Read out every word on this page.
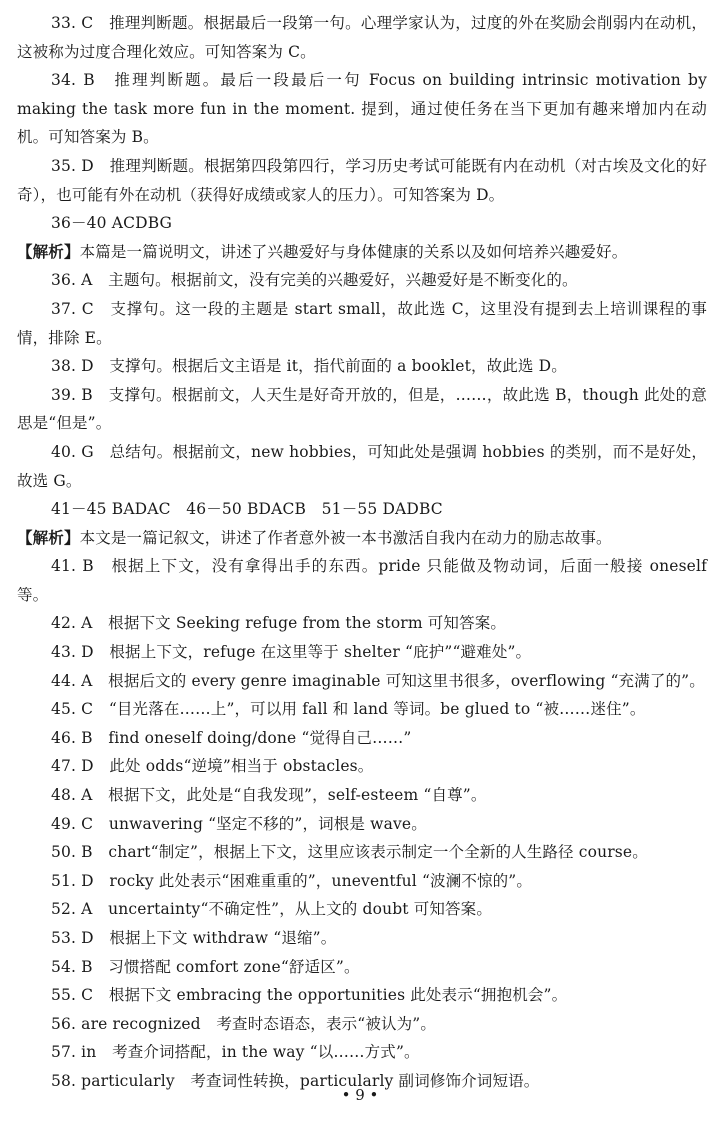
33. C　推理判断题。根据最后一段第一句。心理学家认为，过度的外在奖励会削弱内在动机，这被称为过度合理化效应。可知答案为 C。
34. B　推理判断题。最后一段最后一句 Focus on building intrinsic motivation by making the task more fun in the moment. 提到，通过使任务在当下更加有趣来增加内在动机。可知答案为 B。
35. D　推理判断题。根据第四段第四行，学习历史考试可能既有内在动机（对古埃及文化的好奇），也可能有外在动机（获得好成绩或家人的压力）。可知答案为 D。
36－40 ACDBG
【解析】本篇是一篇说明文，讲述了兴趣爱好与身体健康的关系以及如何培养兴趣爱好。
36. A　主题句。根据前文，没有完美的兴趣爱好，兴趣爱好是不断变化的。
37. C　支撑句。这一段的主题是 start small，故此选 C，这里没有提到去上培训课程的事情，排除 E。
38. D　支撑句。根据后文主语是 it，指代前面的 a booklet，故此选 D。
39. B　支撑句。根据前文，人天生是好奇开放的，但是，……，故此选 B，though 此处的意思是“但是”。
40. G　总结句。根据前文，new hobbies，可知此处是强调 hobbies 的类别，而不是好处，故选 G。
41－45 BADAC　46－50 BDACB　51－55 DADBC
【解析】本文是一篇记叙文，讲述了作者意外被一本书激活自我内在动力的励志故事。
41. B　根据上下文，没有拿得出手的东西。pride 只能做及物动词，后面一般接 oneself 等。
42. A　根据下文 Seeking refuge from the storm 可知答案。
43. D　根据上下文，refuge 在这里等于 shelter “庇护”“避难处”。
44. A　根据后文的 every genre imaginable 可知这里书很多，overflowing “充满了的”。
45. C　“目光落在……上”，可以用 fall 和 land 等词。be glued to “被……迷住”。
46. B　find oneself doing/done “觉得自己……”
47. D　此处 odds“逆境”相当于 obstacles。
48. A　根据下文，此处是“自我发现”，self-esteem “自尊”。
49. C　unwavering “坚定不移的”，词根是 wave。
50. B　chart“制定”，根据上下文，这里应该表示制定一个全新的人生路径 course。
51. D　rocky 此处表示“困难重重的”，uneventful “波澜不惊的”。
52. A　uncertainty“不确定性”，从上文的 doubt 可知答案。
53. D　根据上下文 withdraw “退缩”。
54. B　习惯搭配 comfort zone“舒适区”。
55. C　根据下文 embracing the opportunities 此处表示“拥抱机会”。
56. are recognized　考查时态语态，表示“被认为”。
57. in　考查介词搭配，in the way “以……方式”。
58. particularly　考查词性转换，particularly 副词修饰介词短语。
• 9 •
